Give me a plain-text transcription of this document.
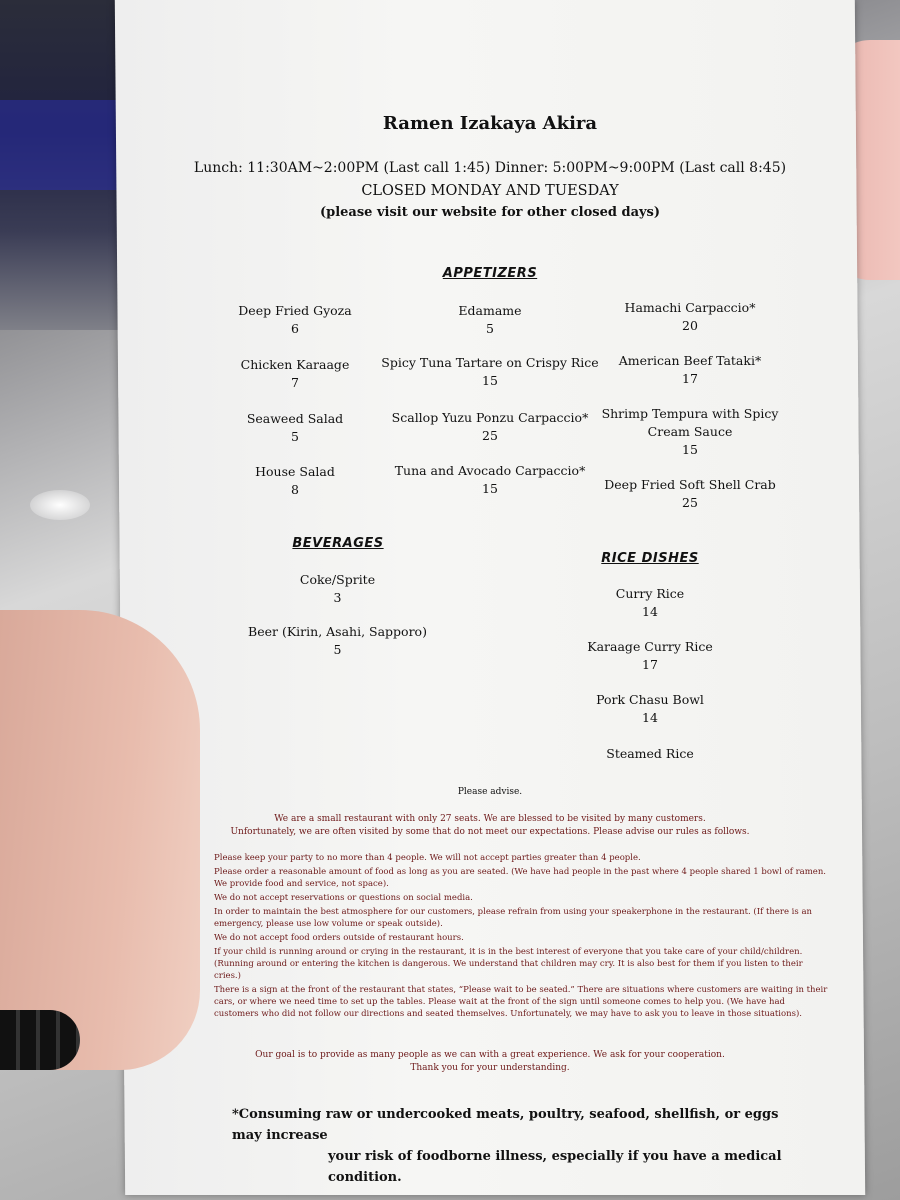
Ramen Izakaya Akira
Lunch: 11:30AM~2:00PM (Last call 1:45) Dinner: 5:00PM~9:00PM (Last call 8:45)
CLOSED MONDAY AND TUESDAY
(please visit our website for other closed days)
APPETIZERS
Deep Fried Gyoza
6
Chicken Karaage
7
Seaweed Salad
5
House Salad
8
Edamame
5
Spicy Tuna Tartare on Crispy Rice
15
Scallop Yuzu Ponzu Carpaccio*
25
Tuna and Avocado Carpaccio*
15
Hamachi Carpaccio*
20
American Beef Tataki*
17
Shrimp Tempura with Spicy Cream Sauce
15
Deep Fried Soft Shell Crab
25
BEVERAGES
Coke/Sprite
3
Beer (Kirin, Asahi, Sapporo)
5
RICE DISHES
Curry Rice
14
Karaage Curry Rice
17
Pork Chasu Bowl
14
Steamed Rice
Please advise.
We are a small restaurant with only 27 seats. We are blessed to be visited by many customers.
Unfortunately, we are often visited by some that do not meet our expectations. Please advise our rules as follows.
Please keep your party to no more than 4 people. We will not accept parties greater than 4 people.
Please order a reasonable amount of food as long as you are seated. (We have had people in the past where 4 people shared 1 bowl of ramen. We provide food and service, not space).
We do not accept reservations or questions on social media.
In order to maintain the best atmosphere for our customers, please refrain from using your speakerphone in the restaurant. (If there is an emergency, please use low volume or speak outside).
We do not accept food orders outside of restaurant hours.
If your child is running around or crying in the restaurant, it is in the best interest of everyone that you take care of your child/children. (Running around or entering the kitchen is dangerous. We understand that children may cry. It is also best for them if you listen to their cries.)
There is a sign at the front of the restaurant that states, “Please wait to be seated.” There are situations where customers are waiting in their cars, or where we need time to set up the tables. Please wait at the front of the sign until someone comes to help you. (We have had customers who did not follow our directions and seated themselves. Unfortunately, we may have to ask you to leave in those situations).
Our goal is to provide as many people as we can with a great experience. We ask for your cooperation.
Thank you for your understanding.
*Consuming raw or undercooked meats, poultry, seafood, shellfish, or eggs may increase
your risk of foodborne illness, especially if you have a medical condition.
